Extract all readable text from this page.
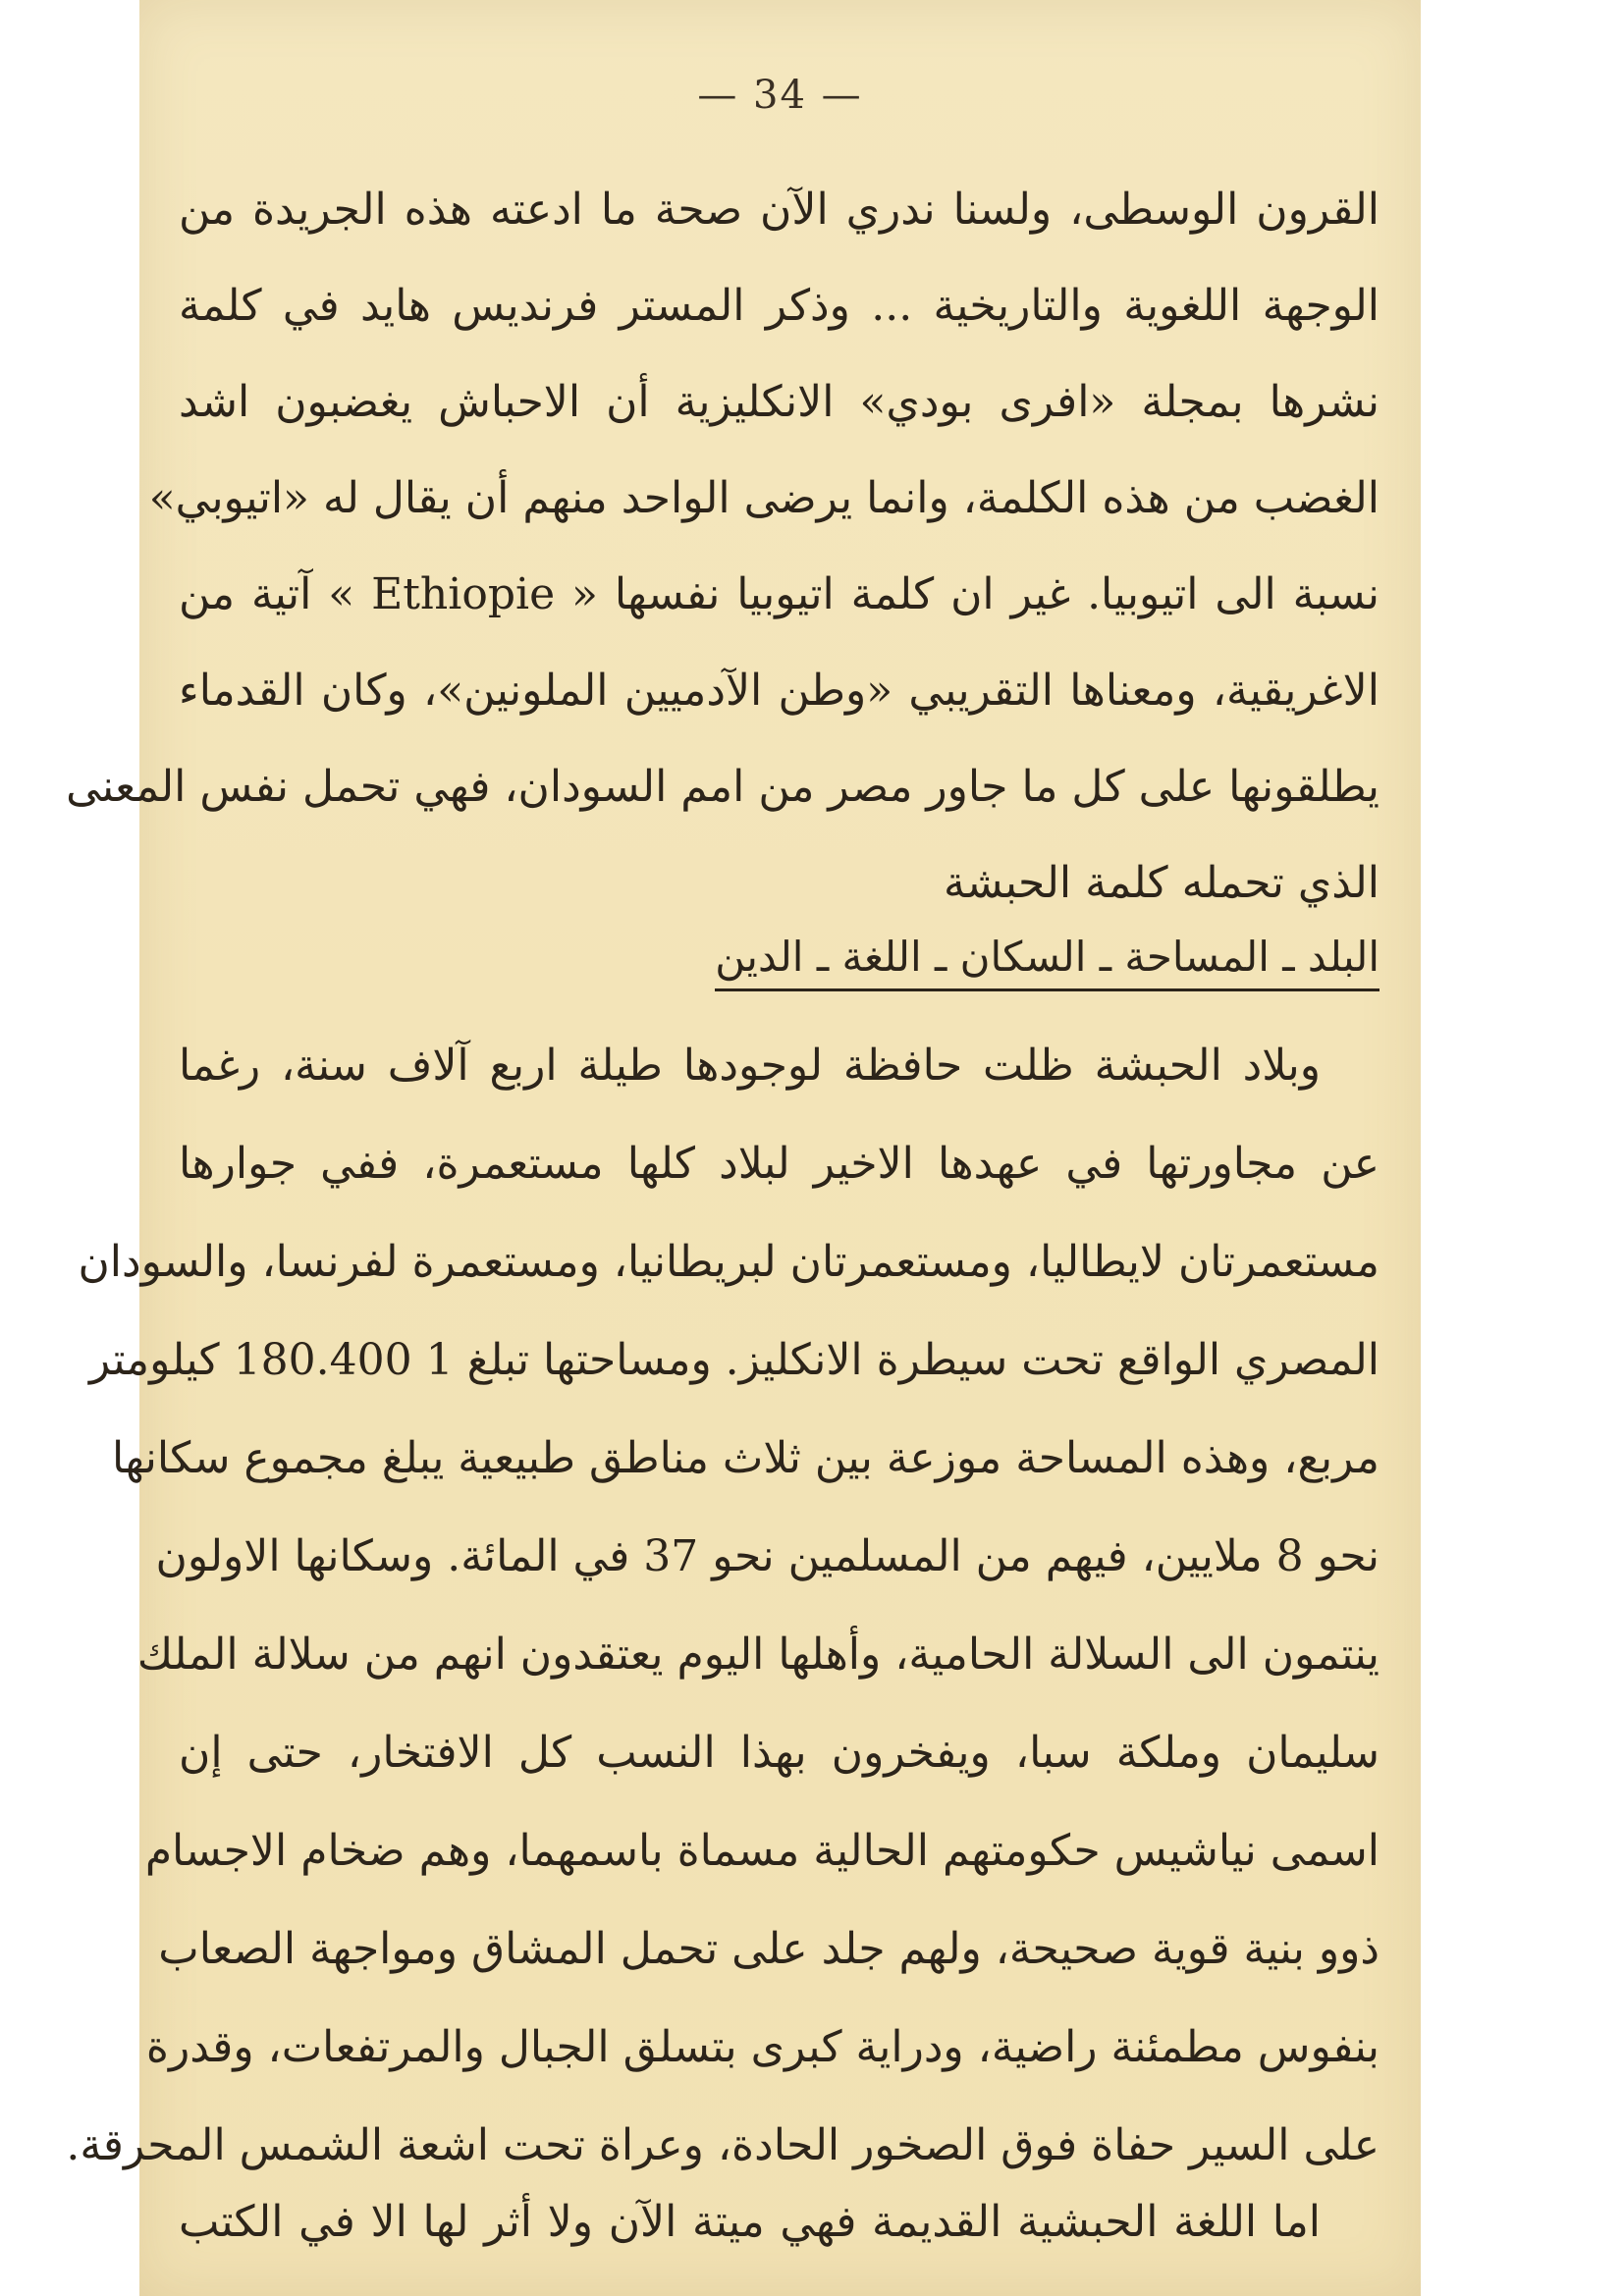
— 34 —
القرون الوسطى، ولسنا ندري الآن صحة ما ادعته هذه الجريدة من
الوجهة اللغوية والتاريخية ... وذكر المستر فرنديس هايد في كلمة
نشرها بمجلة «افرى بودي» الانكليزية أن الاحباش يغضبون اشد
الغضب من هذه الكلمة، وانما يرضى الواحد منهم أن يقال له «اتيوبي»
نسبة الى اتيوبيا. غير ان كلمة اتيوبيا نفسها « Ethiopie » آتية من
الاغريقية، ومعناها التقريبي «وطن الآدميين الملونين»، وكان القدماء
يطلقونها على كل ما جاور مصر من امم السودان، فهي تحمل نفس المعنى
الذي تحمله كلمة الحبشة
البلد ـ المساحة ـ السكان ـ اللغة ـ الدين
وبلاد الحبشة ظلت حافظة لوجودها طيلة اربع آلاف سنة، رغما
عن مجاورتها في عهدها الاخير لبلاد كلها مستعمرة، ففي جوارها
مستعمرتان لايطاليا، ومستعمرتان لبريطانيا، ومستعمرة لفرنسا، والسودان
المصري الواقع تحت سيطرة الانكليز. ومساحتها تبلغ 1 180.400 كيلومتر
مربع، وهذه المساحة موزعة بين ثلاث مناطق طبيعية يبلغ مجموع سكانها
نحو 8 ملايين، فيهم من المسلمين نحو 37 في المائة. وسكانها الاولون
ينتمون الى السلالة الحامية، وأهلها اليوم يعتقدون انهم من سلالة الملك
سليمان وملكة سبا، ويفخرون بهذا النسب كل الافتخار، حتى إن
اسمى نياشيس حكومتهم الحالية مسماة باسمهما، وهم ضخام الاجسام
ذوو بنية قوية صحيحة، ولهم جلد على تحمل المشاق ومواجهة الصعاب
بنفوس مطمئنة راضية، ودراية كبرى بتسلق الجبال والمرتفعات، وقدرة
على السير حفاة فوق الصخور الحادة، وعراة تحت اشعة الشمس المحرقة.
اما اللغة الحبشية القديمة فهي ميتة الآن ولا أثر لها الا في الكتب
